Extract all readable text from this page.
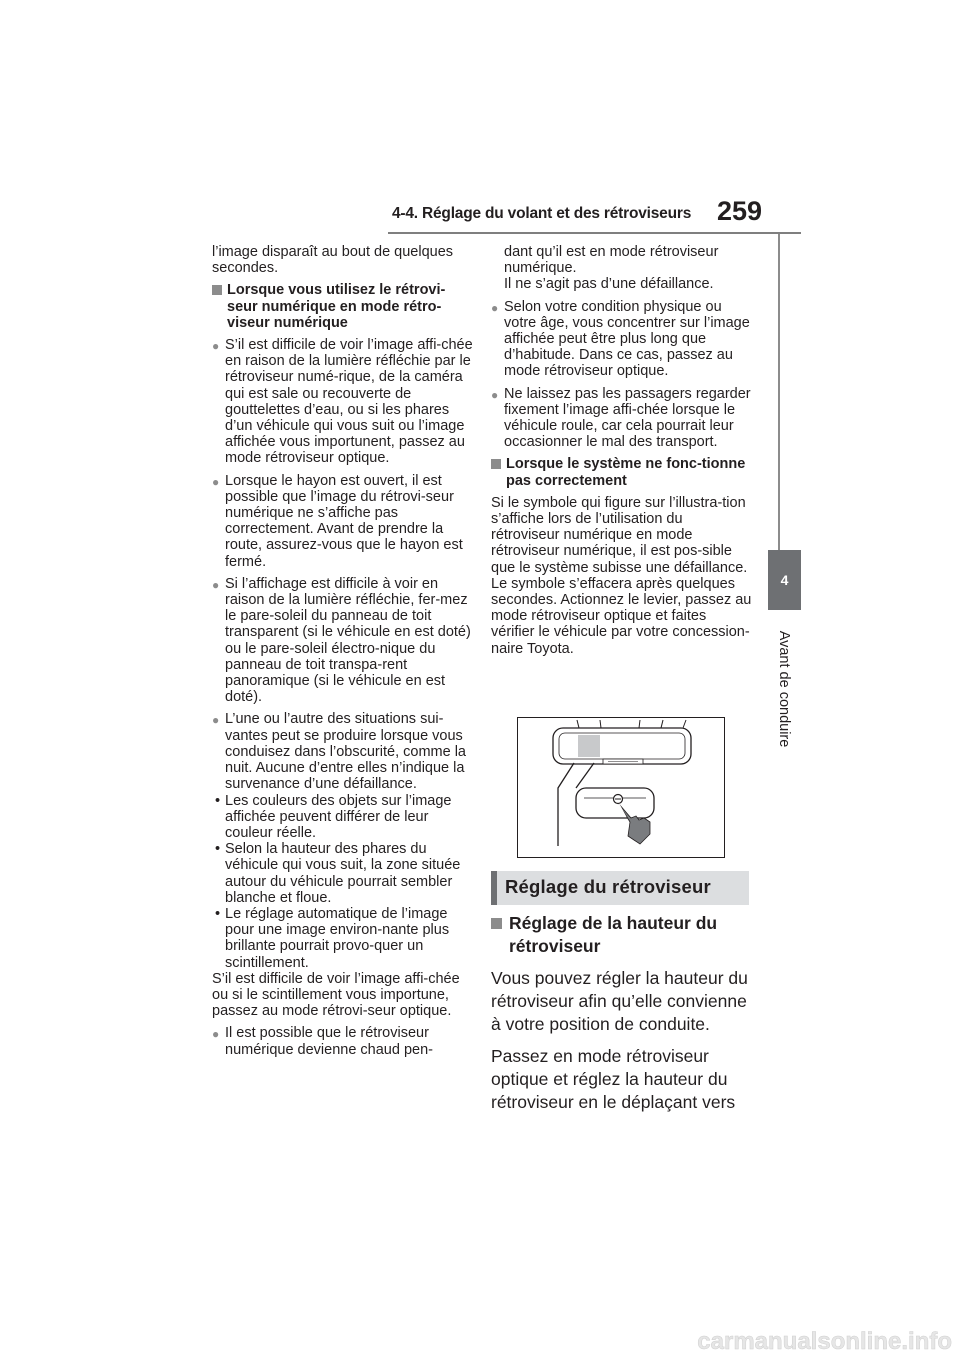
4-4. Réglage du volant et des rétroviseurs 259
4
Avant de conduire

l’image disparaît au bout de quelques secondes.

Lorsque vous utilisez le rétrovi-seur numérique en mode rétro-viseur numérique
● S’il est difficile de voir l’image affi-chée en raison de la lumière réfléchie par le rétroviseur numé-rique, de la caméra qui est sale ou recouverte de gouttelettes d’eau, ou si les phares d’un véhicule qui vous suit ou l’image affichée vous importunent, passez au mode rétroviseur optique.
● Lorsque le hayon est ouvert, il est possible que l’image du rétrovi-seur numérique ne s’affiche pas correctement. Avant de prendre la route, assurez-vous que le hayon est fermé.
● Si l’affichage est difficile à voir en raison de la lumière réfléchie, fer-mez le pare-soleil du panneau de toit transparent (si le véhicule en est doté) ou le pare-soleil électro-nique du panneau de toit transpa-rent panoramique (si le véhicule en est doté).
● L’une ou l’autre des situations sui-vantes peut se produire lorsque vous conduisez dans l’obscurité, comme la nuit. Aucune d’entre elles n’indique la survenance d’une défaillance.
• Les couleurs des objets sur l’image affichée peuvent différer de leur couleur réelle.
• Selon la hauteur des phares du véhicule qui vous suit, la zone située autour du véhicule pourrait sembler blanche et floue.
• Le réglage automatique de l’image pour une image environ-nante plus brillante pourrait provo-quer un scintillement.

S’il est difficile de voir l’image affi-chée ou si le scintillement vous importune, passez au mode rétrovi-seur optique.

● Il est possible que le rétroviseur numérique devienne chaud pen-
dant qu’il est en mode rétroviseur numérique.
Il ne s’agit pas d’une défaillance.
● Selon votre condition physique ou votre âge, vous concentrer sur l’image affichée peut être plus long que d’habitude. Dans ce cas, passez au mode rétroviseur optique.
● Ne laissez pas les passagers regarder fixement l’image affi-chée lorsque le véhicule roule, car cela pourrait leur occasionner le mal des transport.
Lorsque le système ne fonc-tionne pas correctement

Si le symbole qui figure sur l’illustra-tion s’affiche lors de l’utilisation du rétroviseur numérique en mode rétroviseur numérique, il est pos-sible que le système subisse une défaillance. Le symbole s’effacera après quelques secondes. Actionnez le levier, passez au mode rétroviseur optique et faites vérifier le véhicule par votre concession-naire Toyota.

Réglage du rétroviseur
Réglage de la hauteur du rétroviseur

Vous pouvez régler la hauteur du rétroviseur afin qu’elle convienne à votre position de conduite.

Passez en mode rétroviseur optique et réglez la hauteur du rétroviseur en le déplaçant vers

carmanualsonline.info
